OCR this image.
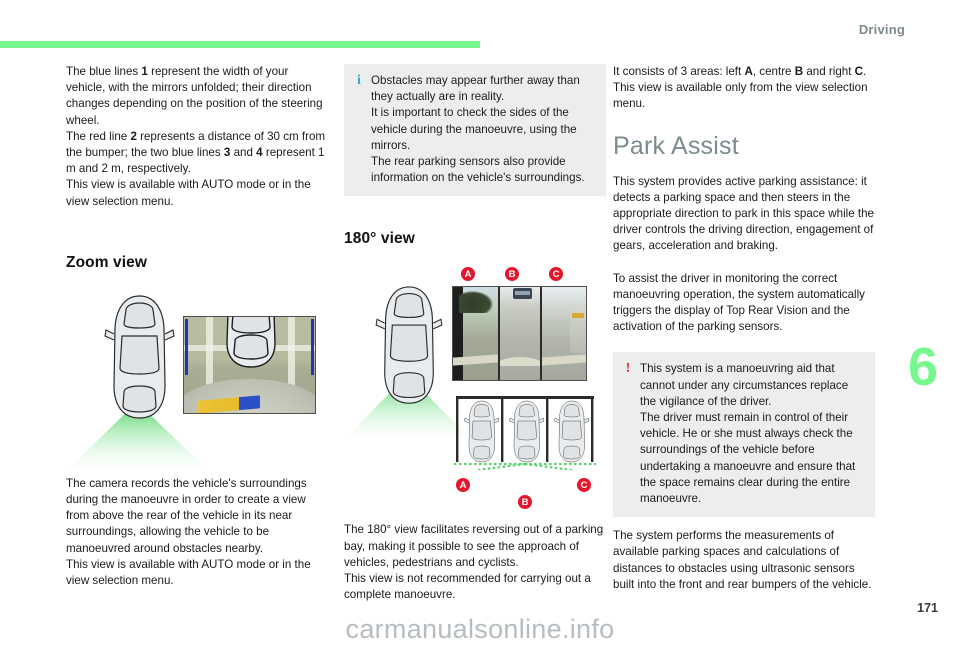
Driving
6

The blue lines 1 represent the width of your vehicle, with the mirrors unfolded; their direction changes depending on the position of the steering wheel.

The red line 2 represents a distance of 30 cm from the bumper; the two blue lines 3 and 4 represent 1 m and 2 m, respectively.

This view is available with AUTO mode or in the view selection menu.

Zoom view

The camera records the vehicle's surroundings during the manoeuvre in order to create a view from above the rear of the vehicle in its near surroundings, allowing the vehicle to be manoeuvred around obstacles nearby.

This view is available with AUTO mode or in the view selection menu.

i Obstacles may appear further away than they actually are in reality.
It is important to check the sides of the vehicle during the manoeuvre, using the mirrors.
The rear parking sensors also provide information on the vehicle's surroundings.
180° view
A	B	C
A
B
C

The 180° view facilitates reversing out of a parking bay, making it possible to see the approach of vehicles, pedestrians and cyclists.

This view is not recommended for carrying out a complete manoeuvre.

It consists of 3 areas: left A, centre B and right C.

This view is available only from the view selection menu.

Park Assist

This system provides active parking assistance: it detects a parking space and then steers in the appropriate direction to park in this space while the driver controls the driving direction, engagement of gears, acceleration and braking.

To assist the driver in monitoring the correct manoeuvring operation, the system automatically triggers the display of Top Rear Vision and the activation of the parking sensors.

! This system is a manoeuvring aid that cannot under any circumstances replace the vigilance of the driver.
The driver must remain in control of their vehicle. He or she must always check the surroundings of the vehicle before undertaking a manoeuvre and ensure that the space remains clear during the entire manoeuvre.

The system performs the measurements of available parking spaces and calculations of distances to obstacles using ultrasonic sensors built into the front and rear bumpers of the vehicle.

171
carmanualsonline.info
